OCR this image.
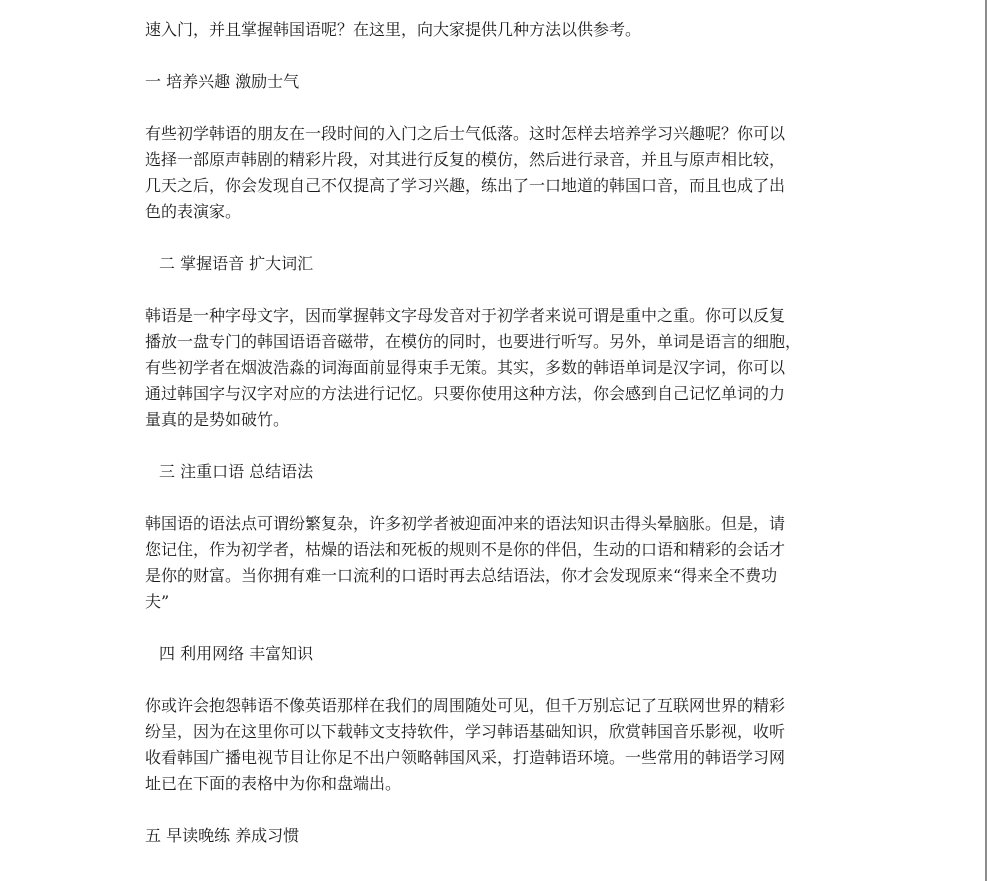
速入门，并且掌握韩国语呢？在这里，向大家提供几种方法以供参考。
一 培养兴趣 激励士气
有些初学韩语的朋友在一段时间的入门之后士气低落。这时怎样去培养学习兴趣呢？你可以
选择一部原声韩剧的精彩片段，对其进行反复的模仿，然后进行录音，并且与原声相比较，
几天之后，你会发现自己不仅提高了学习兴趣，练出了一口地道的韩国口音，而且也成了出
色的表演家。
二 掌握语音 扩大词汇
韩语是一种字母文字，因而掌握韩文字母发音对于初学者来说可谓是重中之重。你可以反复
播放一盘专门的韩国语语音磁带，在模仿的同时，也要进行听写。另外，单词是语言的细胞，
有些初学者在烟波浩淼的词海面前显得束手无策。其实，多数的韩语单词是汉字词，你可以
通过韩国字与汉字对应的方法进行记忆。只要你使用这种方法，你会感到自己记忆单词的力
量真的是势如破竹。
三 注重口语 总结语法
韩国语的语法点可谓纷繁复杂，许多初学者被迎面冲来的语法知识击得头晕脑胀。但是，请
您记住，作为初学者，枯燥的语法和死板的规则不是你的伴侣，生动的口语和精彩的会话才
是你的财富。当你拥有难一口流利的口语时再去总结语法，你才会发现原来“得来全不费功
夫”
四 利用网络 丰富知识
你或许会抱怨韩语不像英语那样在我们的周围随处可见，但千万别忘记了互联网世界的精彩
纷呈，因为在这里你可以下载韩文支持软件，学习韩语基础知识，欣赏韩国音乐影视，收听
收看韩国广播电视节目让你足不出户领略韩国风采，打造韩语环境。一些常用的韩语学习网
址已在下面的表格中为你和盘端出。
五 早读晚练 养成习惯
